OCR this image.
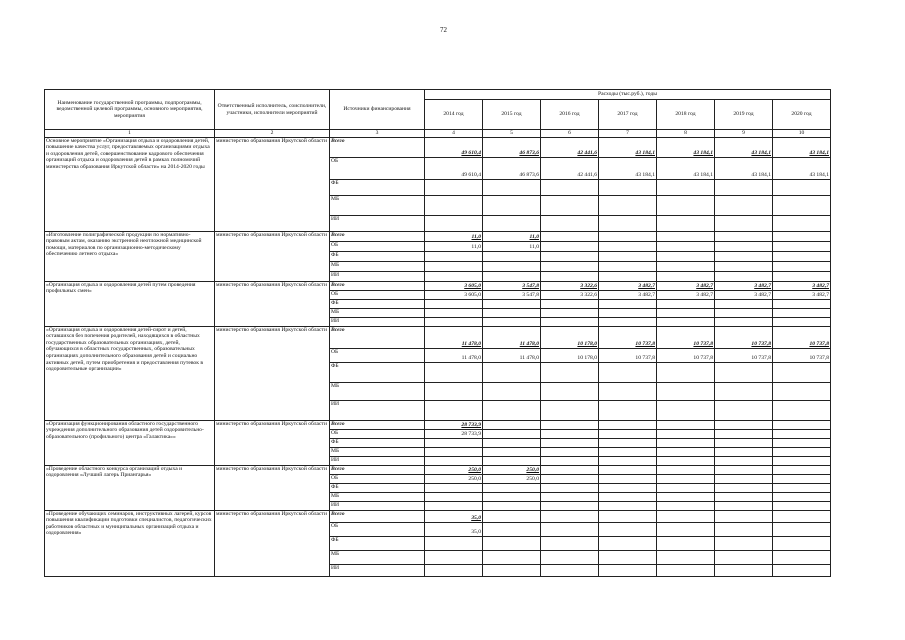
72
Наименование государственной программы, подпрограммы, ведомственной целевой программы, основного мероприятия, мероприятия	Ответственный исполнитель, соисполнители, участники, исполнители мероприятий	Источники финансирования	Расходы (тыс.руб.), годы						
			2014 год	2015 год	2016 год	2017 год	2018 год	2019 год	2020 год
1	2	3	4	5	6	7	8	9	10
Основное мероприятие «Организация отдыха и оздоровления детей, повышение качества услуг, предоставляемых организациями отдыха и оздоровления детей, совершенствование кадрового обеспечения организаций отдыха и оздоровления детей в рамках полномочий министерства образования Иркутской области» на 2014-2020 годы	министерство образования Иркутской области	Всего	49 610,4	46 873,6	42 441,6	43 184,1	43 184,1	43 184,1	43 184,1
		ОБ	49 610,4	46 873,6	42 441,6	43 184,1	43 184,1	43 184,1	43 184,1
		ФБ							
		МБ							
		ИИ							
«Изготовление полиграфической продукции по нормативно-правовым актам, оказанию экстренной неотложной медицинской помощи, материалов по организационно-методическому обеспечению летнего отдыха»	министерство образования Иркутской области	Всего	11,0	11,0					
		ОБ	11,0	11,0					
		ФБ							
		МБ							
		ИИ							
«Организация отдыха и оздоровления детей путем проведения профильных смен»	министерство образования Иркутской области	Всего	3 605,0	3 547,8	3 322,6	3 482,7	3 482,7	3 482,7	3 482,7
		ОБ	3 605,0	3 547,8	3 322,6	3 482,7	3 482,7	3 482,7	3 482,7
		ФБ							
		МБ							
		ИИ							
«Организация отдыха и оздоровления детей-сирот и детей, оставшихся без попечения родителей, находящихся в областных государственных образовательных организациях, детей, обучающихся в областных государственных, образовательных организациях дополнительного образования детей и социально активных детей, путем приобретения и предоставления путевок в оздоровительные организации»	министерство образования Иркутской области	Всего	11 478,0	11 478,0	10 178,0	10 737,8	10 737,8	10 737,8	10 737,8
		ОБ	11 478,0	11 478,0	10 178,0	10 737,8	10 737,8	10 737,8	10 737,8
		ФБ							
		МБ							
		ИИ							
«Организация функционирования областного государственного учреждения дополнительного образования детей оздоровительно-образовательного (профильного) центра «Галактика»»	министерство образования Иркутской области	Всего	28 733,9						
		ОБ	28 733,9						
		ФБ							
		МБ							
		ИИ							
«Проведение областного конкурса организаций отдыха и оздоровления «Лучший лагерь Приангарья»	министерство образования Иркутской области	Всего	250,0	250,0					
		ОБ	250,0	250,0					
		ФБ							
		МБ							
		ИИ							
«Проведение обучающих семинаров, инструктивных лагерей, курсов повышения квалификации подготовки специалистов, педагогических работников областных и муниципальных организаций отдыха и оздоровления»	министерство образования Иркутской области	Всего	35,0						
		ОБ	35,0						
		ФБ							
		МБ							
		ИИ							
